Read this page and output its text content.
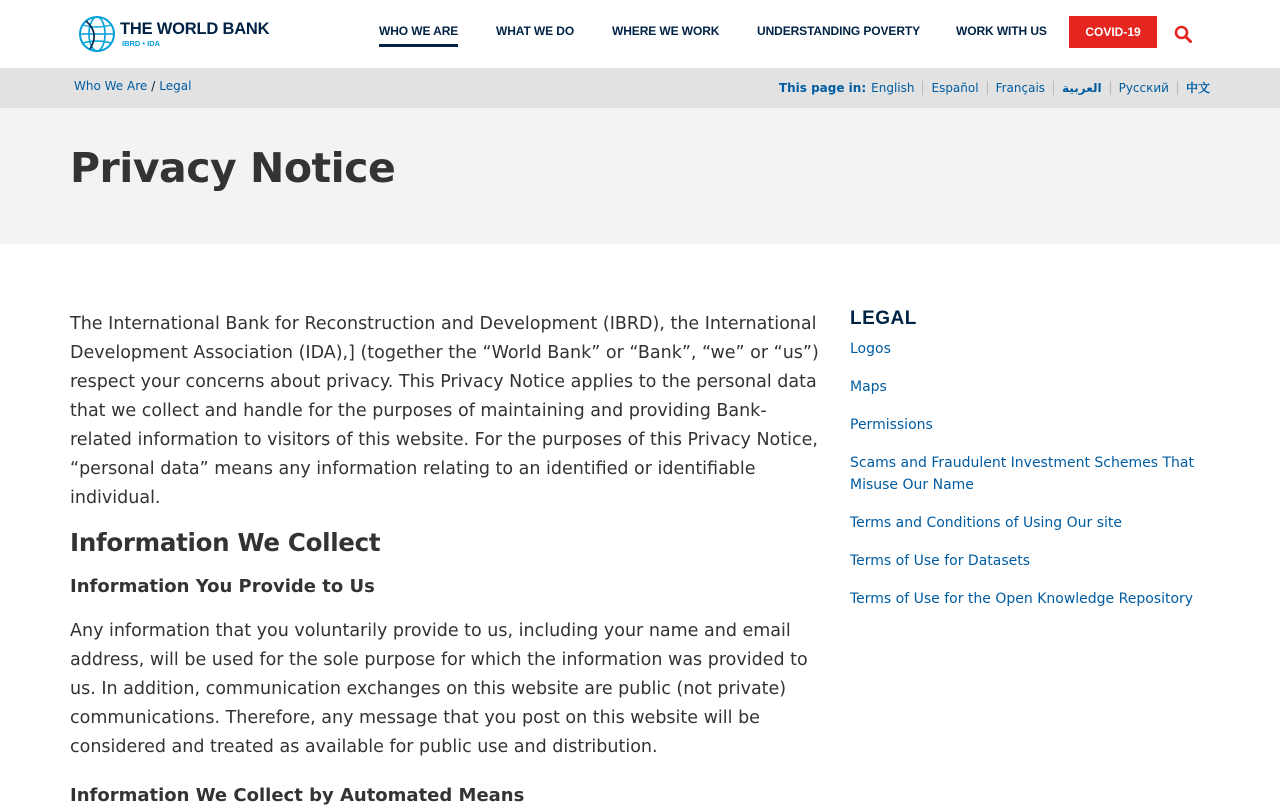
THE WORLD BANK
IBRD • IDA
WHO WE ARE	WHAT WE DO	WHERE WE WORK	UNDERSTANDING POVERTY	WORK WITH US	COVID-19
Who We Are / Legal	This page in: English	Español	Français	العربية	Русский	中文
Privacy Notice

The International Bank for Reconstruction and Development (IBRD), the International Development Association (IDA),] (together the “World Bank” or “Bank”, “we” or “us”) respect your concerns about privacy. This Privacy Notice applies to the personal data that we collect and handle for the purposes of maintaining and providing Bank-related information to visitors of this website. For the purposes of this Privacy Notice, “personal data” means any information relating to an identified or identifiable individual.

Information We Collect
Information You Provide to Us

Any information that you voluntarily provide to us, including your name and email address, will be used for the sole purpose for which the information was provided to us. In addition, communication exchanges on this website are public (not private) communications. Therefore, any message that you post on this website will be considered and treated as available for public use and distribution.

Information We Collect by Automated Means
LEGAL
Logos
Maps
Permissions
Scams and Fraudulent Investment Schemes That Misuse Our Name
Terms and Conditions of Using Our site
Terms of Use for Datasets
Terms of Use for the Open Knowledge Repository
